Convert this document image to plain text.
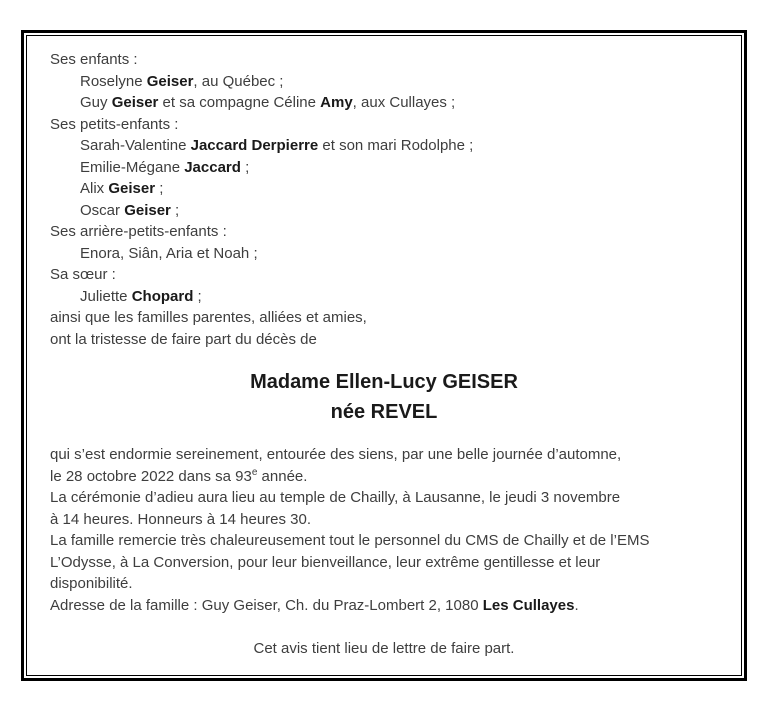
Ses enfants :
Roselyne Geiser, au Québec ;
Guy Geiser et sa compagne Céline Amy, aux Cullayes ;
Ses petits-enfants :
Sarah-Valentine Jaccard Derpierre et son mari Rodolphe ;
Emilie-Mégane Jaccard ;
Alix Geiser ;
Oscar Geiser ;
Ses arrière-petits-enfants :
Enora, Siân, Aria et Noah ;
Sa sœur :
Juliette Chopard ;
ainsi que les familles parentes, alliées et amies,
ont la tristesse de faire part du décès de
Madame Ellen-Lucy GEISER
née REVEL
qui s’est endormie sereinement, entourée des siens, par une belle journée d’automne,
le 28 octobre 2022 dans sa 93e année.
La cérémonie d’adieu aura lieu au temple de Chailly, à Lausanne, le jeudi 3 novembre
à 14 heures. Honneurs à 14 heures 30.
La famille remercie très chaleureusement tout le personnel du CMS de Chailly et de l’EMS
L’Odysse, à La Conversion, pour leur bienveillance, leur extrême gentillesse et leur
disponibilité.
Adresse de la famille : Guy Geiser, Ch. du Praz-Lombert 2, 1080 Les Cullayes.
Cet avis tient lieu de lettre de faire part.
